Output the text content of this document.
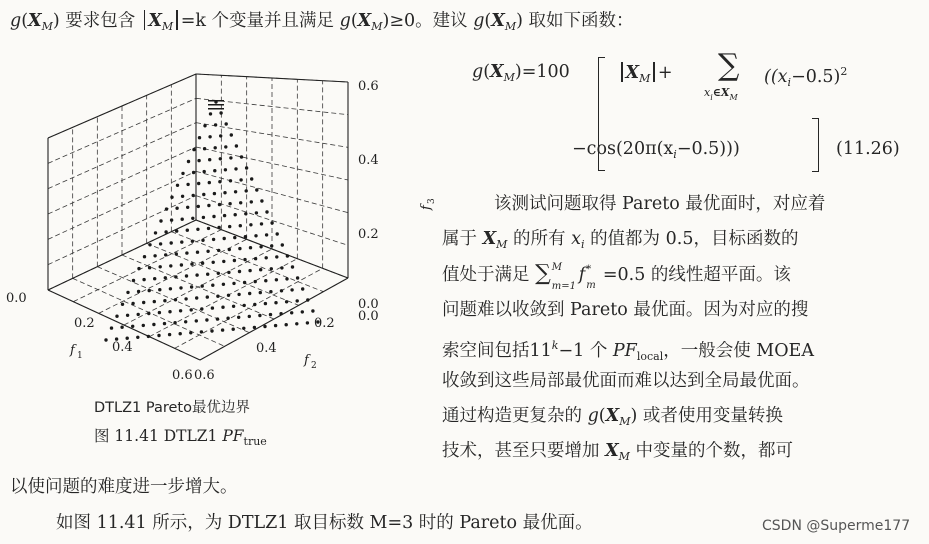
$g(X_M)$ 要求包含 $X_M =k$ 个变量并且满足 $g(X_M)\ge 0$。建议 $g(X_M)$ 取如下函数：
$g(X_M)=100$	$X_M$ + ∑
$x_i\in X_M$
($(x_i-0.5)^2$
$-\cos(20\pi(x_i-0.5))$)	(11.26)
该测试问题取得 Pareto 最优面时，对应着
属于 $X_M$ 的所有 $x_i$ 的值都为 0.5，目标函数的
值处于满足 ∑ M
m=1
f *
m
=0.5 的线性超平面。该
问题难以收敛到 Pareto 最优面。因为对应的搜
索空间包括$11^k-1$ 个 $PF_{local}$，一般会使 MOEA
收敛到这些局部最优面而难以达到全局最优面。
通过构造更复杂的 $g(X_M)$ 或者使用变量转换
技术，甚至只要增加 $X_M$ 中变量的个数，都可
以使问题的难度进一步增大。
如图 11.41 所示，为 DTLZ1 取目标数 M=3 时的 Pareto 最优面。	CSDN @Superme177
0.6
0.4
0.2
0.0
0.0
0.2
0.4
0.6 0.6
0.4
0.2 0.0
f 1	f 2
f
3
DTLZ1 Pareto最优边界
图 11.41 DTLZ1 $PF_{true}$
